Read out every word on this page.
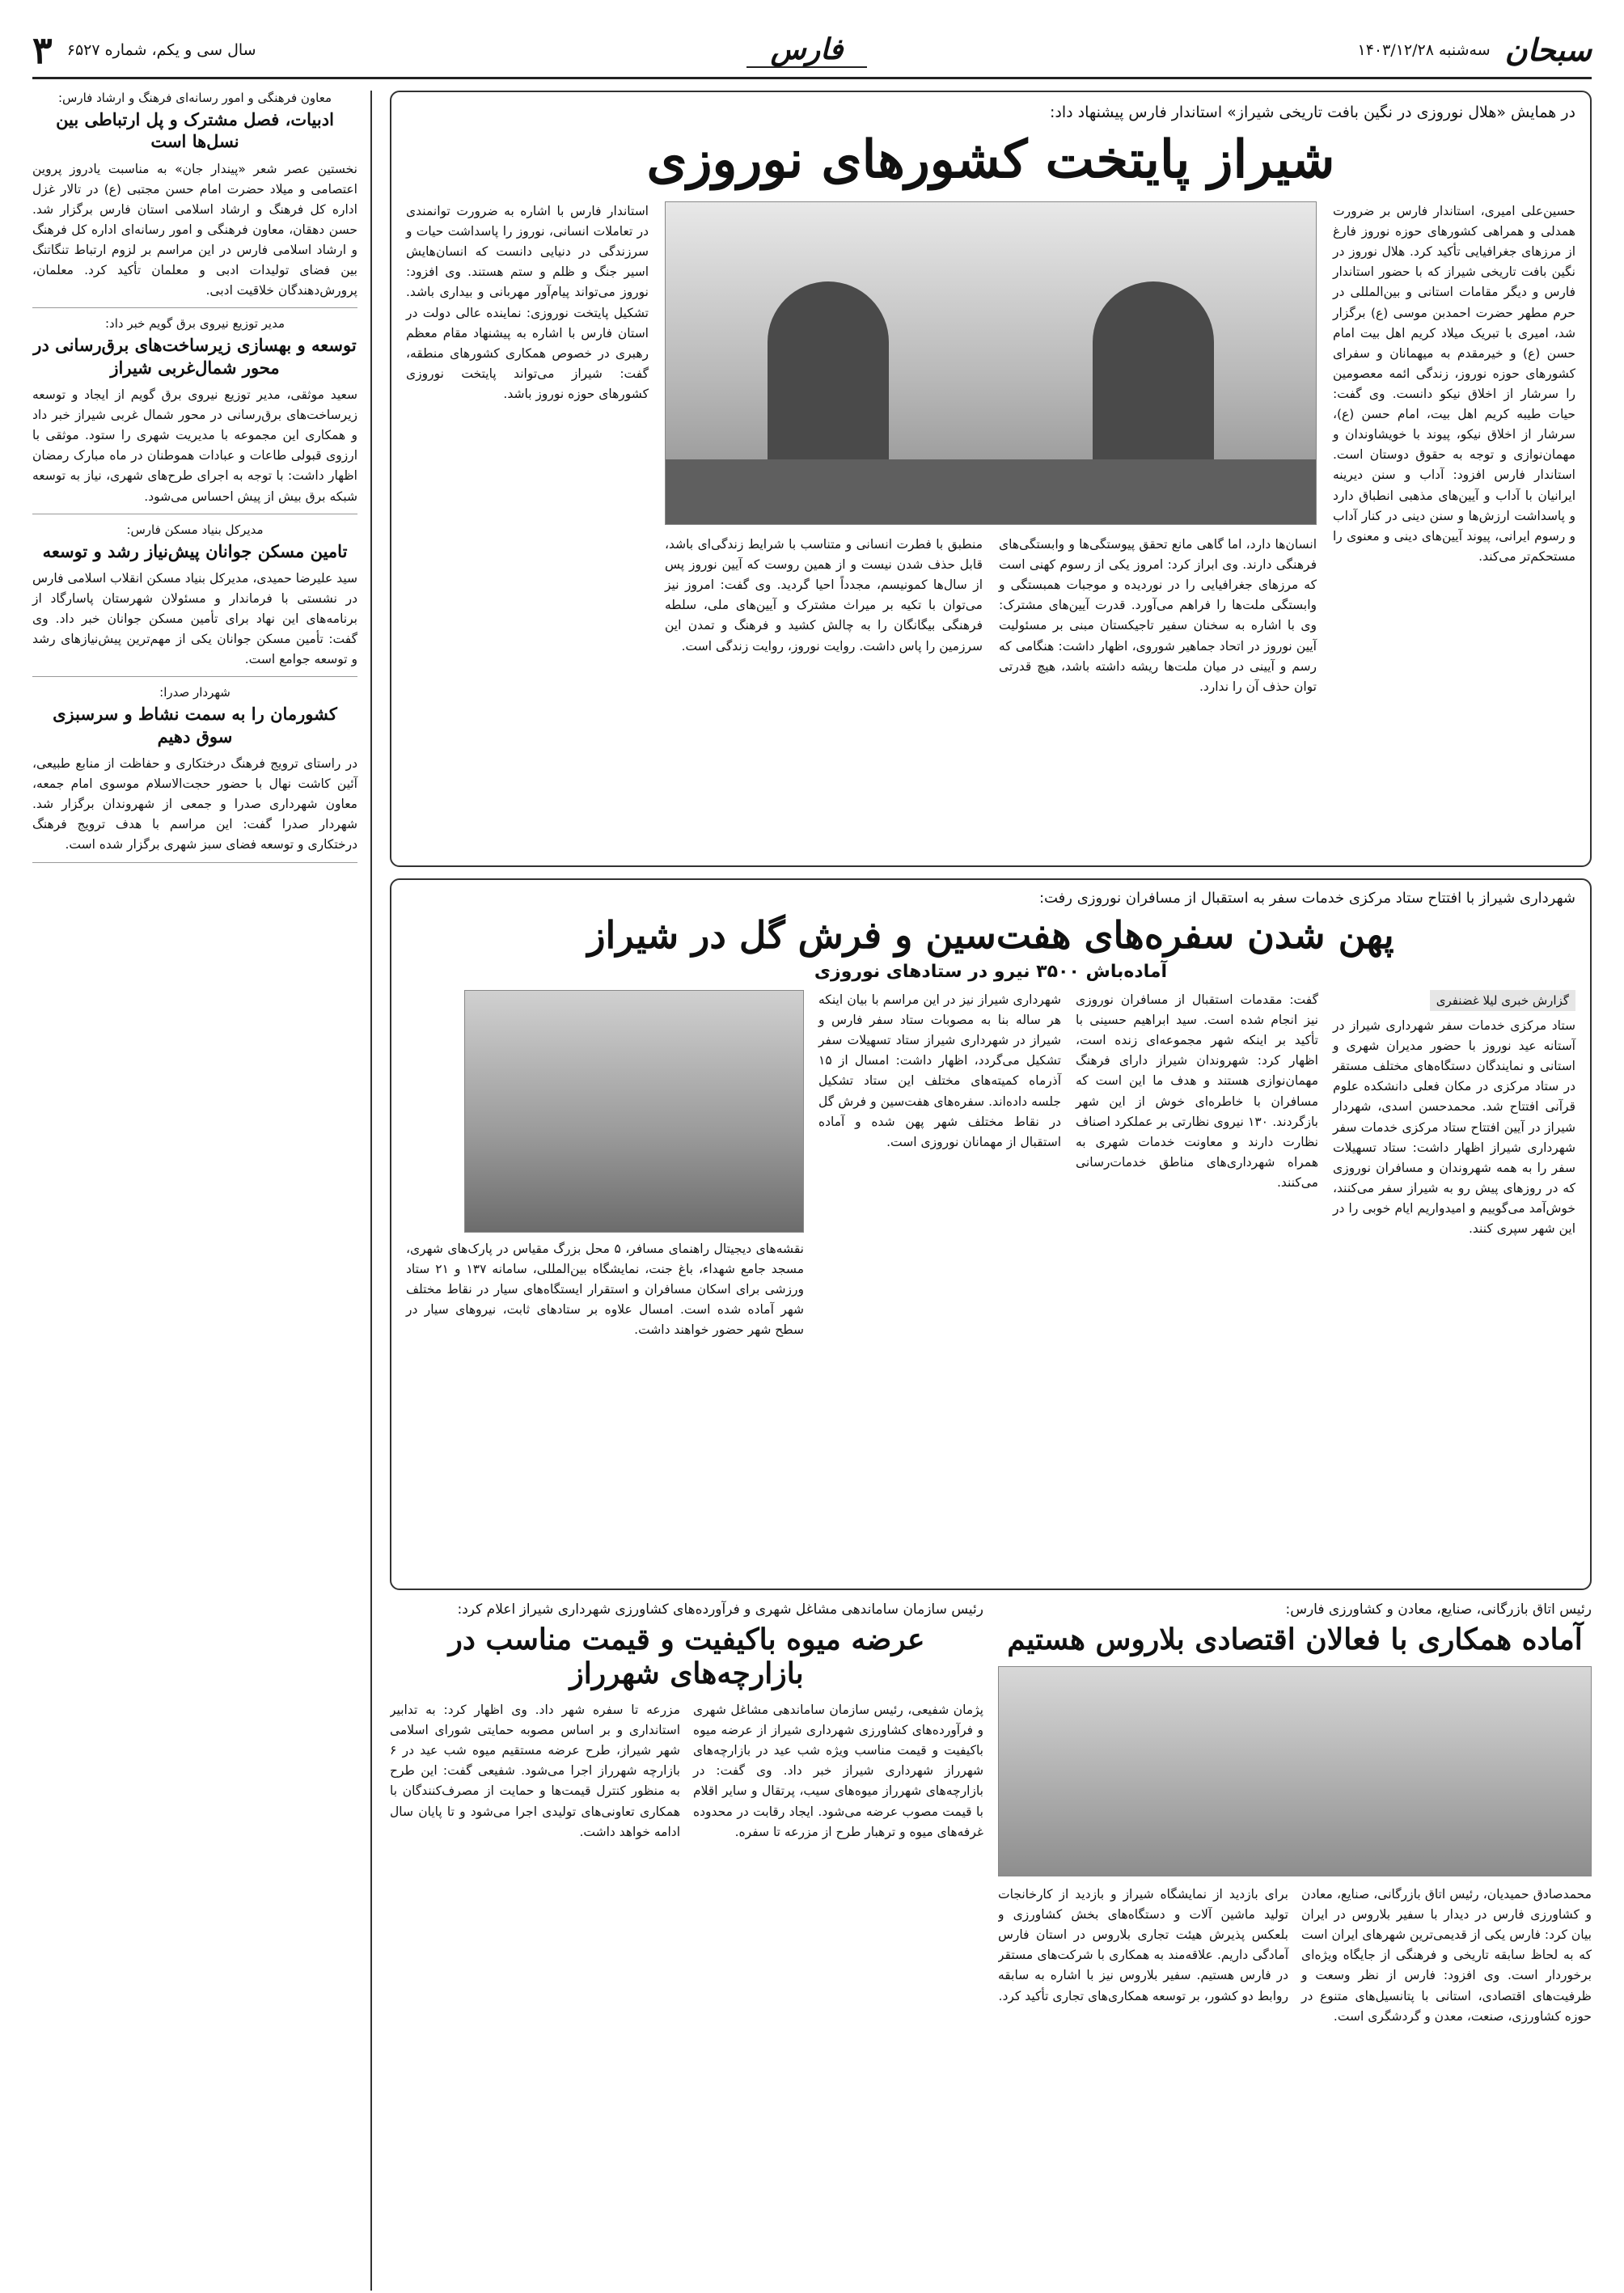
سبحان
سه‌شنبه ۱۴۰۳/۱۲/۲۸
فارس
سال سی و یکم، شماره ۶۵۲۷
۳
در همایش «هلال نوروزی در نگین بافت تاریخی شیراز» استاندار فارس پیشنهاد داد:
شیراز پایتخت کشورهای نوروزی
حسین‌علی امیری، استاندار فارس بر ضرورت همدلی و همراهی کشورهای حوزه نوروز فارغ از مرزهای جغرافیایی تأکید کرد. هلال نوروز در نگین بافت تاریخی شیراز که با حضور استاندار فارس و دیگر مقامات استانی و بین‌المللی در حرم مطهر حضرت احمدبن موسی (ع) برگزار شد، امیری با تبریک میلاد کریم اهل بیت امام حسن (ع) و خیرمقدم به میهمانان و سفرای کشورهای حوزه نوروز، زندگی ائمه معصومین را سرشار از اخلاق نیکو دانست. وی گفت: حیات طیبه کریم اهل بیت، امام حسن (ع)، سرشار از اخلاق نیکو، پیوند با خویشاوندان و مهمان‌نوازی و توجه به حقوق دوستان است. استاندار فارس افزود: آداب و سنن دیرینه ایرانیان با آداب و آیین‌های مذهبی انطباق دارد و پاسداشت ارزش‌ها و سنن دینی در کنار آداب و رسوم ایرانی، پیوند آیین‌های دینی و معنوی را مستحکم‌تر می‌کند.
انسان‌ها دارد، اما گاهی مانع تحقق پیوستگی‌ها و وابستگی‌های فرهنگی دارند. وی ابراز کرد: امروز یکی از رسوم کهنی است که مرزهای جغرافیایی را در نوردیده و موجبات همبستگی و وابستگی ملت‌ها را فراهم می‌آورد. قدرت آیین‌های مشترک: وی با اشاره به سخنان سفیر تاجیکستان مبنی بر مسئولیت آیین نوروز در اتحاد جماهیر شوروی، اظهار داشت: هنگامی که رسم و آیینی در میان ملت‌ها ریشه داشته باشد، هیچ قدرتی توان حذف آن را ندارد.
منطبق با فطرت انسانی و متناسب با شرایط زندگی‌ای باشد، قابل حذف شدن نیست و از همین روست که آیین نوروز پس از سال‌ها کمونیسم، مجدداً احیا گردید. وی گفت: امروز نیز می‌توان با تکیه بر میراث مشترک و آیین‌های ملی، سلطه فرهنگی بیگانگان را به چالش کشید و فرهنگ و تمدن این سرزمین را پاس داشت. روایت نوروز، روایت زندگی است.
استاندار فارس با اشاره به ضرورت توانمندی در تعاملات انسانی، نوروز را پاسداشت حیات و سرزندگی در دنیایی دانست که انسان‌هایش اسیر جنگ و ظلم و ستم هستند. وی افزود: نوروز می‌تواند پیام‌آور مهربانی و بیداری باشد. تشکیل پایتخت نوروزی: نماینده عالی دولت در استان فارس با اشاره به پیشنهاد مقام معظم رهبری در خصوص همکاری کشورهای منطقه، گفت: شیراز می‌تواند پایتخت نوروزی کشورهای حوزه نوروز باشد.
شهرداری شیراز با افتتاح ستاد مرکزی خدمات سفر به استقبال از مسافران نوروزی رفت:
پهن شدن سفره‌های هفت‌سین و فرش گل در شیراز
آماده‌باش ۳۵۰۰ نیرو در ستادهای نوروزی
گزارش خبری لیلا غضنفری
ستاد مرکزی خدمات سفر شهرداری شیراز در آستانه عید نوروز با حضور مدیران شهری و استانی و نمایندگان دستگاه‌های مختلف مستقر در ستاد مرکزی در مکان فعلی دانشکده علوم قرآنی افتتاح شد. محمدحسن اسدی، شهردار شیراز در آیین افتتاح ستاد مرکزی خدمات سفر شهرداری شیراز اظهار داشت: ستاد تسهیلات سفر را به همه شهروندان و مسافران نوروزی که در روزهای پیش رو به شیراز سفر می‌کنند، خوش‌آمد می‌گوییم و امیدواریم ایام خوبی را در این شهر سپری کنند.
گفت: مقدمات استقبال از مسافران نوروزی نیز انجام شده است. سید ابراهیم حسینی با تأکید بر اینکه شهر مجموعه‌ای زنده است، اظهار کرد: شهروندان شیراز دارای فرهنگ مهمان‌نوازی هستند و هدف ما این است که مسافران با خاطره‌ای خوش از این شهر بازگردند. ۱۳۰ نیروی نظارتی بر عملکرد اصناف نظارت دارند و معاونت خدمات شهری به همراه شهرداری‌های مناطق خدمات‌رسانی می‌کنند.
شهرداری شیراز نیز در این مراسم با بیان اینکه هر ساله بنا به مصوبات ستاد سفر فارس و شیراز در شهرداری شیراز ستاد تسهیلات سفر تشکیل می‌گردد، اظهار داشت: امسال از ۱۵ آذرماه کمیته‌های مختلف این ستاد تشکیل جلسه داده‌اند. سفره‌های هفت‌سین و فرش گل در نقاط مختلف شهر پهن شده و آماده استقبال از مهمانان نوروزی است.
نقشه‌های دیجیتال راهنمای مسافر، ۵ محل بزرگ مقیاس در پارک‌های شهری، مسجد جامع شهداء، باغ جنت، نمایشگاه بین‌المللی، سامانه ۱۳۷ و ۲۱ ستاد ورزشی برای اسکان مسافران و استقرار ایستگاه‌های سیار در نقاط مختلف شهر آماده شده است. امسال علاوه بر ستادهای ثابت، نیروهای سیار در سطح شهر حضور خواهند داشت.
رئیس اتاق بازرگانی، صنایع، معادن و کشاورزی فارس:
آماده همکاری با فعالان اقتصادی بلاروس هستیم
محمدصادق حمیدیان، رئیس اتاق بازرگانی، صنایع، معادن و کشاورزی فارس در دیدار با سفیر بلاروس در ایران بیان کرد: فارس یکی از قدیمی‌ترین شهرهای ایران است که به لحاظ سابقه تاریخی و فرهنگی از جایگاه ویژه‌ای برخوردار است. وی افزود: فارس از نظر وسعت و ظرفیت‌های اقتصادی، استانی با پتانسیل‌های متنوع در حوزه کشاورزی، صنعت، معدن و گردشگری است.
برای بازدید از نمایشگاه شیراز و بازدید از کارخانجات تولید ماشین آلات و دستگاه‌های بخش کشاورزی و بلعکس پذیرش هیئت تجاری بلاروس در استان فارس آمادگی داریم. علاقه‌مند به همکاری با شرکت‌های مستقر در فارس هستیم. سفیر بلاروس نیز با اشاره به سابقه روابط دو کشور، بر توسعه همکاری‌های تجاری تأکید کرد.
رئیس سازمان ساماندهی مشاغل شهری و فرآورده‌های کشاورزی شهرداری شیراز اعلام کرد:
عرضه میوه باکیفیت و قیمت مناسب در بازارچه‌های شهرراز
پژمان شفیعی، رئیس سازمان ساماندهی مشاغل شهری و فرآورده‌های کشاورزی شهرداری شیراز از عرضه میوه باکیفیت و قیمت مناسب ویژه شب عید در بازارچه‌های شهرراز شهرداری شیراز خبر داد. وی گفت: در بازارچه‌های شهرراز میوه‌های سیب، پرتقال و سایر اقلام با قیمت مصوب عرضه می‌شود. ایجاد رقابت در محدوده غرفه‌های میوه و ترهبار طرح از مزرعه تا سفره.
مزرعه تا سفره شهر داد. وی اظهار کرد: به تدابیر استانداری و بر اساس مصوبه حمایتی شورای اسلامی شهر شیراز، طرح عرضه مستقیم میوه شب عید در ۶ بازارچه شهرراز اجرا می‌شود. شفیعی گفت: این طرح به منظور کنترل قیمت‌ها و حمایت از مصرف‌کنندگان با همکاری تعاونی‌های تولیدی اجرا می‌شود و تا پایان سال ادامه خواهد داشت.
معاون فرهنگی و امور رسانه‌ای فرهنگ و ارشاد فارس:
ادبیات، فصل مشترک و پل ارتباطی بین نسل‌ها است
نخستین عصر شعر «پیندار جان» به مناسبت یادروز پروین اعتصامی و میلاد حضرت امام حسن مجتبی (ع) در تالار غزل اداره کل فرهنگ و ارشاد اسلامی استان فارس برگزار شد. حسن دهقان، معاون فرهنگی و امور رسانه‌ای اداره کل فرهنگ و ارشاد اسلامی فارس در این مراسم بر لزوم ارتباط تنگاتنگ بین فضای تولیدات ادبی و معلمان تأکید کرد. معلمان، پرورش‌دهندگان خلاقیت ادبی.
مدیر توزیع نیروی برق گویم خبر داد:
توسعه و بهسازی زیرساخت‌های برق‌رسانی در محور شمال‌غربی شیراز
سعید موثقی، مدیر توزیع نیروی برق گویم از ایجاد و توسعه زیرساخت‌های برق‌رسانی در محور شمال غربی شیراز خبر داد و همکاری این مجموعه با مدیریت شهری را ستود. موثقی با ارزوی قبولی طاعات و عبادات هموطنان در ماه مبارک رمضان اظهار داشت: با توجه به اجرای طرح‌های شهری، نیاز به توسعه شبکه برق بیش از پیش احساس می‌شود.
مدیرکل بنیاد مسکن فارس:
تامین مسکن جوانان پیش‌نیاز رشد و توسعه
سید علیرضا حمیدی، مدیرکل بنیاد مسکن انقلاب اسلامی فارس در نشستی با فرماندار و مسئولان شهرستان پاسارگاد از برنامه‌های این نهاد برای تأمین مسکن جوانان خبر داد. وی گفت: تأمین مسکن جوانان یکی از مهم‌ترین پیش‌نیازهای رشد و توسعه جوامع است.
شهردار صدرا:
کشورمان را به سمت نشاط و سرسبزی سوق دهیم
در راستای ترویج فرهنگ درختکاری و حفاظت از منابع طبیعی، آئین کاشت نهال با حضور حجت‌الاسلام موسوی امام جمعه، معاون شهرداری صدرا و جمعی از شهروندان برگزار شد. شهردار صدرا گفت: این مراسم با هدف ترویج فرهنگ درختکاری و توسعه فضای سبز شهری برگزار شده است.
